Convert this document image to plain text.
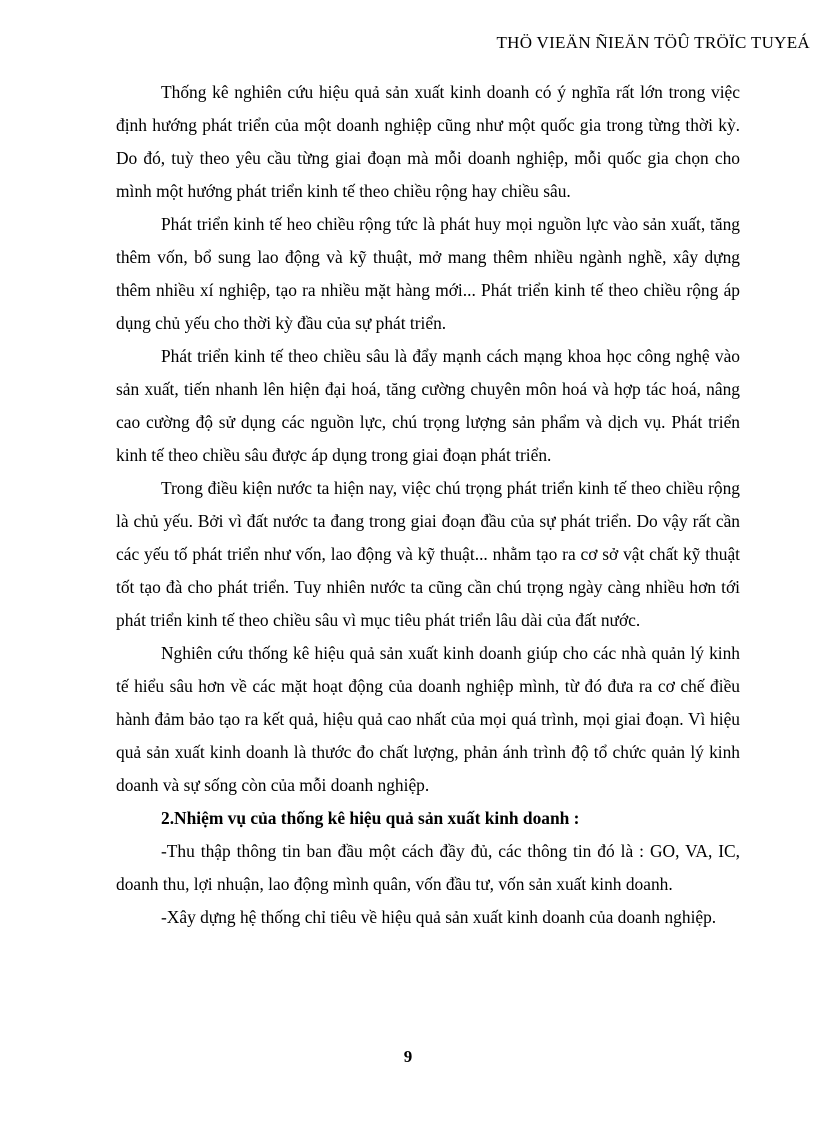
THÖ VIEÄN ÑIEÄN TÖÛ TRÖÏC TUYEÁ

Thống kê nghiên cứu hiệu quả sản xuất kinh doanh có ý nghĩa rất lớn trong việc định hướng phát triển của một doanh nghiệp cũng như một quốc gia trong từng thời kỳ. Do đó, tuỳ theo yêu cầu từng giai đoạn mà mỗi doanh nghiệp, mỗi quốc gia chọn cho mình một hướng phát triển kinh tế theo chiều rộng hay chiều sâu.

Phát triển kinh tế heo chiều rộng tức là phát huy mọi nguồn lực vào sản xuất, tăng thêm vốn, bổ sung lao động và kỹ thuật, mở mang thêm nhiều ngành nghề, xây dựng thêm nhiều xí nghiệp, tạo ra nhiều mặt hàng mới... Phát triển kinh tế theo chiều rộng áp dụng chủ yếu cho thời kỳ đầu của sự phát triển.

Phát triển kinh tế theo chiều sâu là đẩy mạnh cách mạng khoa học công nghệ vào sản xuất, tiến nhanh lên hiện đại hoá, tăng cường chuyên môn hoá và hợp tác hoá, nâng cao cường độ sử dụng các nguồn lực, chú trọng lượng sản phẩm và dịch vụ. Phát triển kinh tế theo chiều sâu được áp dụng trong giai đoạn phát triển.

Trong điều kiện nước ta hiện nay, việc chú trọng phát triển kinh tế theo chiều rộng là chủ yếu. Bởi vì đất nước ta đang trong giai đoạn đầu của sự phát triển. Do vậy rất cần các yếu tố phát triển như vốn, lao động và kỹ thuật... nhằm tạo ra cơ sở vật chất kỹ thuật tốt tạo đà cho phát triển. Tuy nhiên nước ta cũng cần chú trọng ngày càng nhiều hơn tới phát triển kinh tế theo chiều sâu vì mục tiêu phát triển lâu dài của đất nước.

Nghiên cứu thống kê hiệu quả sản xuất kinh doanh giúp cho các nhà quản lý kinh tế hiểu sâu hơn về các mặt hoạt động của doanh nghiệp mình, từ đó đưa ra cơ chế điều hành đảm bảo tạo ra kết quả, hiệu quả cao nhất của mọi quá trình, mọi giai đoạn. Vì hiệu quả sản xuất kinh doanh là thước đo chất lượng, phản ánh trình độ tổ chức quản lý kinh doanh và sự sống còn của mỗi doanh nghiệp.

2.Nhiệm vụ của thống kê hiệu quả sản xuất kinh doanh :

-Thu thập thông tin ban đầu một cách đầy đủ, các thông tin đó là : GO, VA, IC, doanh thu, lợi nhuận, lao động mình quân, vốn đầu tư, vốn sản xuất kinh doanh.

-Xây dựng hệ thống chỉ tiêu về hiệu quả sản xuất kinh doanh của doanh nghiệp.

9
